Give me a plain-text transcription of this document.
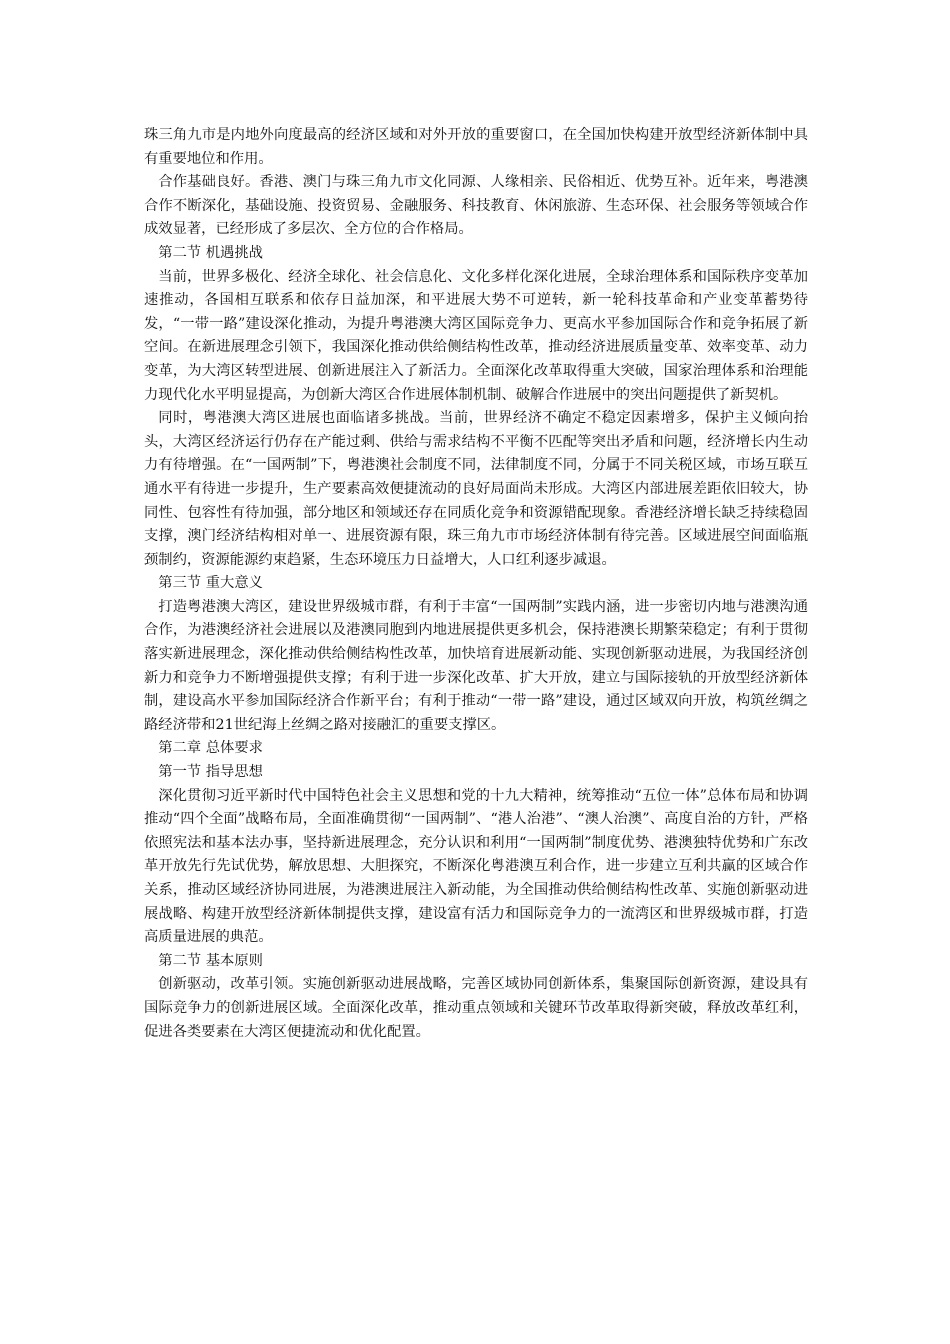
珠三角九市是内地外向度最高的经济区域和对外开放的重要窗口，在全国加快构建开放型经济新体制中具有重要地位和作用。

合作基础良好。香港、澳门与珠三角九市文化同源、人缘相亲、民俗相近、优势互补。近年来，粤港澳合作不断深化，基础设施、投资贸易、金融服务、科技教育、休闲旅游、生态环保、社会服务等领域合作成效显著，已经形成了多层次、全方位的合作格局。

第二节 机遇挑战

当前，世界多极化、经济全球化、社会信息化、文化多样化深化进展，全球治理体系和国际秩序变革加速推动，各国相互联系和依存日益加深，和平进展大势不可逆转，新一轮科技革命和产业变革蓄势待发，“一带一路”建设深化推动，为提升粤港澳大湾区国际竞争力、更高水平参加国际合作和竞争拓展了新空间。在新进展理念引领下，我国深化推动供给侧结构性改革，推动经济进展质量变革、效率变革、动力变革，为大湾区转型进展、创新进展注入了新活力。全面深化改革取得重大突破，国家治理体系和治理能力现代化水平明显提高，为创新大湾区合作进展体制机制、破解合作进展中的突出问题提供了新契机。

同时，粤港澳大湾区进展也面临诸多挑战。当前，世界经济不确定不稳定因素增多，保护主义倾向抬头，大湾区经济运行仍存在产能过剩、供给与需求结构不平衡不匹配等突出矛盾和问题，经济增长内生动力有待增强。在“一国两制”下，粤港澳社会制度不同，法律制度不同，分属于不同关税区域，市场互联互通水平有待进一步提升，生产要素高效便捷流动的良好局面尚未形成。大湾区内部进展差距依旧较大，协同性、包容性有待加强，部分地区和领域还存在同质化竞争和资源错配现象。香港经济增长缺乏持续稳固支撑，澳门经济结构相对单一、进展资源有限，珠三角九市市场经济体制有待完善。区域进展空间面临瓶颈制约，资源能源约束趋紧，生态环境压力日益增大，人口红利逐步减退。

第三节 重大意义

打造粤港澳大湾区，建设世界级城市群，有利于丰富“一国两制”实践内涵，进一步密切内地与港澳沟通合作，为港澳经济社会进展以及港澳同胞到内地进展提供更多机会，保持港澳长期繁荣稳定；有利于贯彻落实新进展理念，深化推动供给侧结构性改革，加快培育进展新动能、实现创新驱动进展，为我国经济创新力和竞争力不断增强提供支撑；有利于进一步深化改革、扩大开放，建立与国际接轨的开放型经济新体制，建设高水平参加国际经济合作新平台；有利于推动“一带一路”建设，通过区域双向开放，构筑丝绸之路经济带和21世纪海上丝绸之路对接融汇的重要支撑区。

第二章 总体要求

第一节 指导思想

深化贯彻习近平新时代中国特色社会主义思想和党的十九大精神，统筹推动“五位一体”总体布局和协调推动“四个全面”战略布局，全面准确贯彻“一国两制”、“港人治港”、“澳人治澳”、高度自治的方针，严格依照宪法和基本法办事，坚持新进展理念，充分认识和利用“一国两制”制度优势、港澳独特优势和广东改革开放先行先试优势，解放思想、大胆探究，不断深化粤港澳互利合作，进一步建立互利共赢的区域合作关系，推动区域经济协同进展，为港澳进展注入新动能，为全国推动供给侧结构性改革、实施创新驱动进展战略、构建开放型经济新体制提供支撑，建设富有活力和国际竞争力的一流湾区和世界级城市群，打造高质量进展的典范。

第二节 基本原则

创新驱动，改革引领。实施创新驱动进展战略，完善区域协同创新体系，集聚国际创新资源，建设具有国际竞争力的创新进展区域。全面深化改革，推动重点领域和关键环节改革取得新突破，释放改革红利，促进各类要素在大湾区便捷流动和优化配置。
